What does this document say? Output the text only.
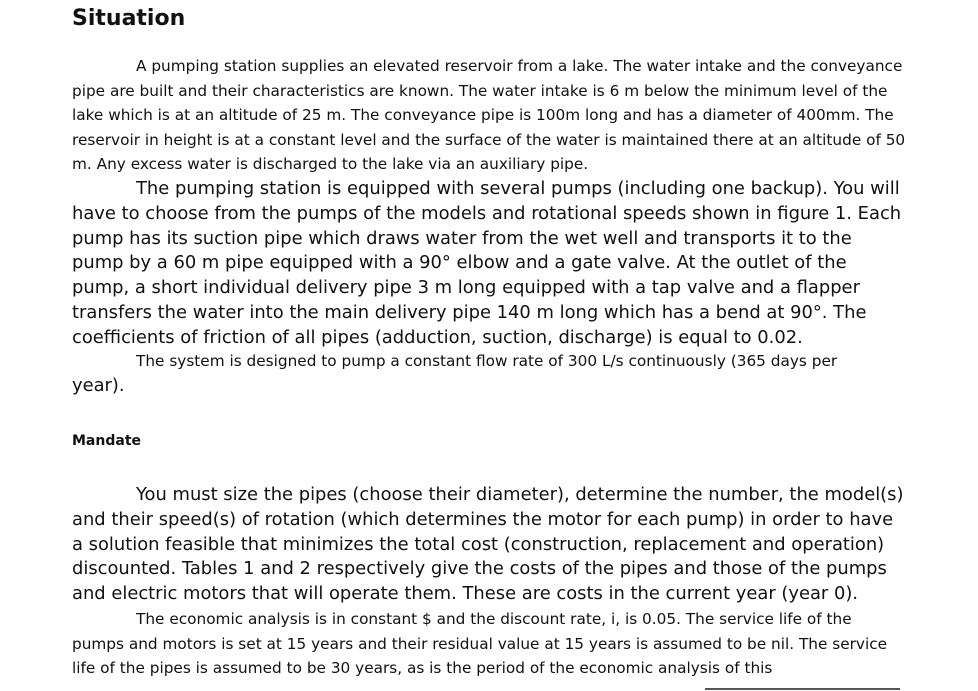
Situation

A pumping station supplies an elevated reservoir from a lake. The water intake and the conveyance pipe are built and their characteristics are known. The water intake is 6 m below the minimum level of the lake which is at an altitude of 25 m. The conveyance pipe is 100m long and has a diameter of 400mm. The reservoir in height is at a constant level and the surface of the water is maintained there at an altitude of 50 m. Any excess water is discharged to the lake via an auxiliary pipe.

The pumping station is equipped with several pumps (including one backup). You will have to choose from the pumps of the models and rotational speeds shown in figure 1. Each pump has its suction pipe which draws water from the wet well and transports it to the pump by a 60 m pipe equipped with a 90° elbow and a gate valve. At the outlet of the pump, a short individual delivery pipe 3 m long equipped with a tap valve and a flapper transfers the water into the main delivery pipe 140 m long which has a bend at 90°. The coefficients of friction of all pipes (adduction, suction, discharge) is equal to 0.02.

The system is designed to pump a constant flow rate of 300 L/s continuously (365 days per
year).

Mandate

You must size the pipes (choose their diameter), determine the number, the model(s) and their speed(s) of rotation (which determines the motor for each pump) in order to have a solution feasible that minimizes the total cost (construction, replacement and operation) discounted. Tables 1 and 2 respectively give the costs of the pipes and those of the pumps and electric motors that will operate them. These are costs in the current year (year 0).

The economic analysis is in constant $ and the discount rate, i, is 0.05. The service life of the pumps and motors is set at 15 years and their residual value at 15 years is assumed to be nil. The service life of the pipes is assumed to be 30 years, as is the period of the economic analysis of this
